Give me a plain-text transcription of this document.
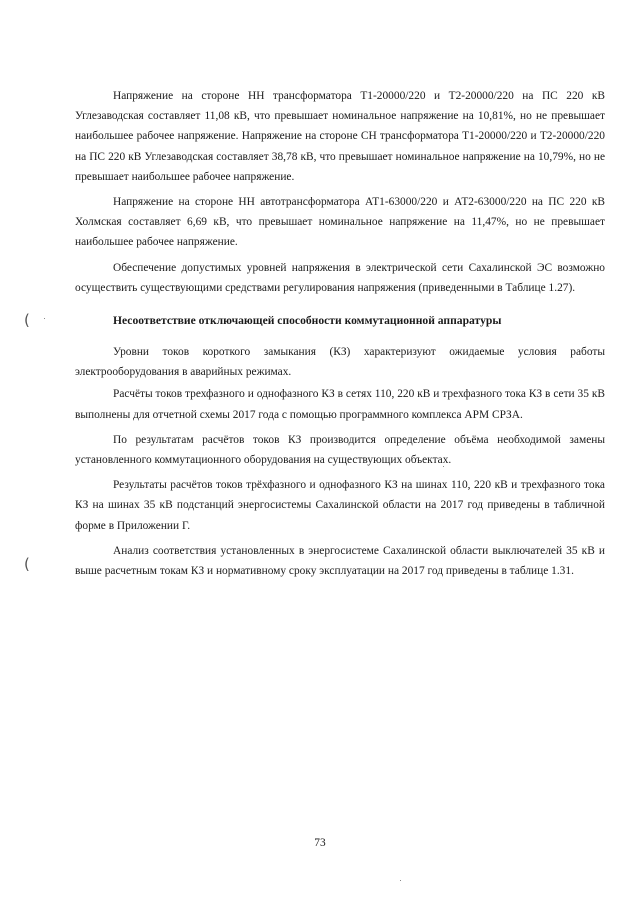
(
(

Напряжение на стороне НН трансформатора Т1-20000/220 и Т2-20000/220 на ПС 220 кВ Углезаводская составляет 11,08 кВ, что превышает номинальное напряжение на 10,81%, но не превышает наибольшее рабочее напряжение. Напряжение на стороне СН трансформатора Т1-20000/220 и Т2-20000/220 на ПС 220 кВ Углезаводская составляет 38,78 кВ, что превышает номинальное напряжение на 10,79%, но не превышает наибольшее рабочее напряжение.

Напряжение на стороне НН автотрансформатора АТ1-63000/220 и АТ2-63000/220 на ПС 220 кВ Холмская составляет 6,69 кВ, что превышает номинальное напряжение на 11,47%, но не превышает наибольшее рабочее напряжение.

Обеспечение допустимых уровней напряжения в электрической сети Сахалинской ЭС возможно осуществить существующими средствами регулирования напряжения (приведенными в Таблице 1.27).

Несоответствие отключающей способности коммутационной аппаратуры

Уровни токов короткого замыкания (КЗ) характеризуют ожидаемые условия работы электрооборудования в аварийных режимах.

Расчёты токов трехфазного и однофазного КЗ в сетях 110, 220 кВ и трехфазного тока КЗ в сети 35 кВ выполнены для отчетной схемы 2017 года с помощью программного комплекса АРМ СРЗА.

По результатам расчётов токов КЗ производится определение объёма необходимой замены установленного коммутационного оборудования на существующих объектах.

Результаты расчётов токов трёхфазного и однофазного КЗ на шинах 110, 220 кВ и трехфазного тока КЗ на шинах 35 кВ подстанций энергосистемы Сахалинской области на 2017 год приведены в табличной форме в Приложении Г.

Анализ соответствия установленных в энергосистеме Сахалинской области выключателей 35 кВ и выше расчетным токам КЗ и нормативному сроку эксплуатации на 2017 год приведены в таблице 1.31.

73
